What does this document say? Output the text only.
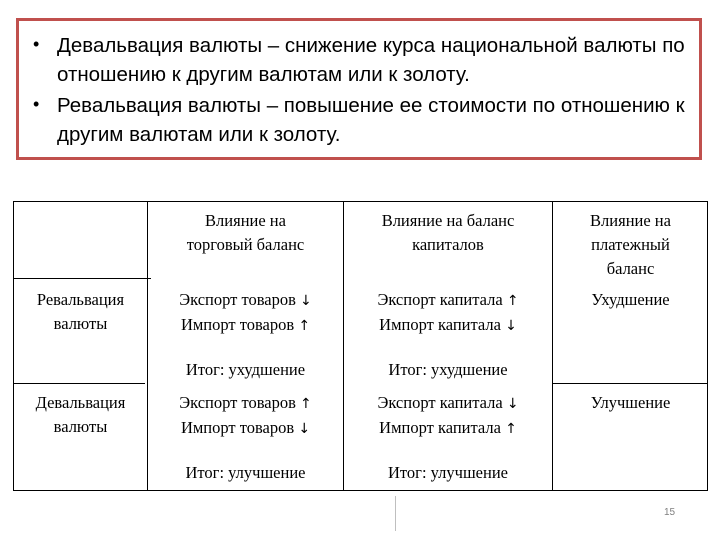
• Девальвация валюты – снижение курса национальной валюты по отношению к другим валютам или к золоту.
• Ревальвация валюты – повышение ее стоимости по отношению к другим валютам или к золоту.
Влияние на
торговый баланс
Влияние на баланс
капиталов
Влияние на
платежный
баланс
Ревальвация
валюты
Экспорт товаров ↓
Импорт товаров ↑
Экспорт капитала ↑
Импорт капитала ↓
Ухудшение
Итог: ухудшение	Итог: ухудшение
Девальвация
валюты
Экспорт товаров ↑
Импорт товаров ↓
Экспорт капитала ↓
Импорт капитала ↑
Улучшение
Итог: улучшение	Итог: улучшение
15
